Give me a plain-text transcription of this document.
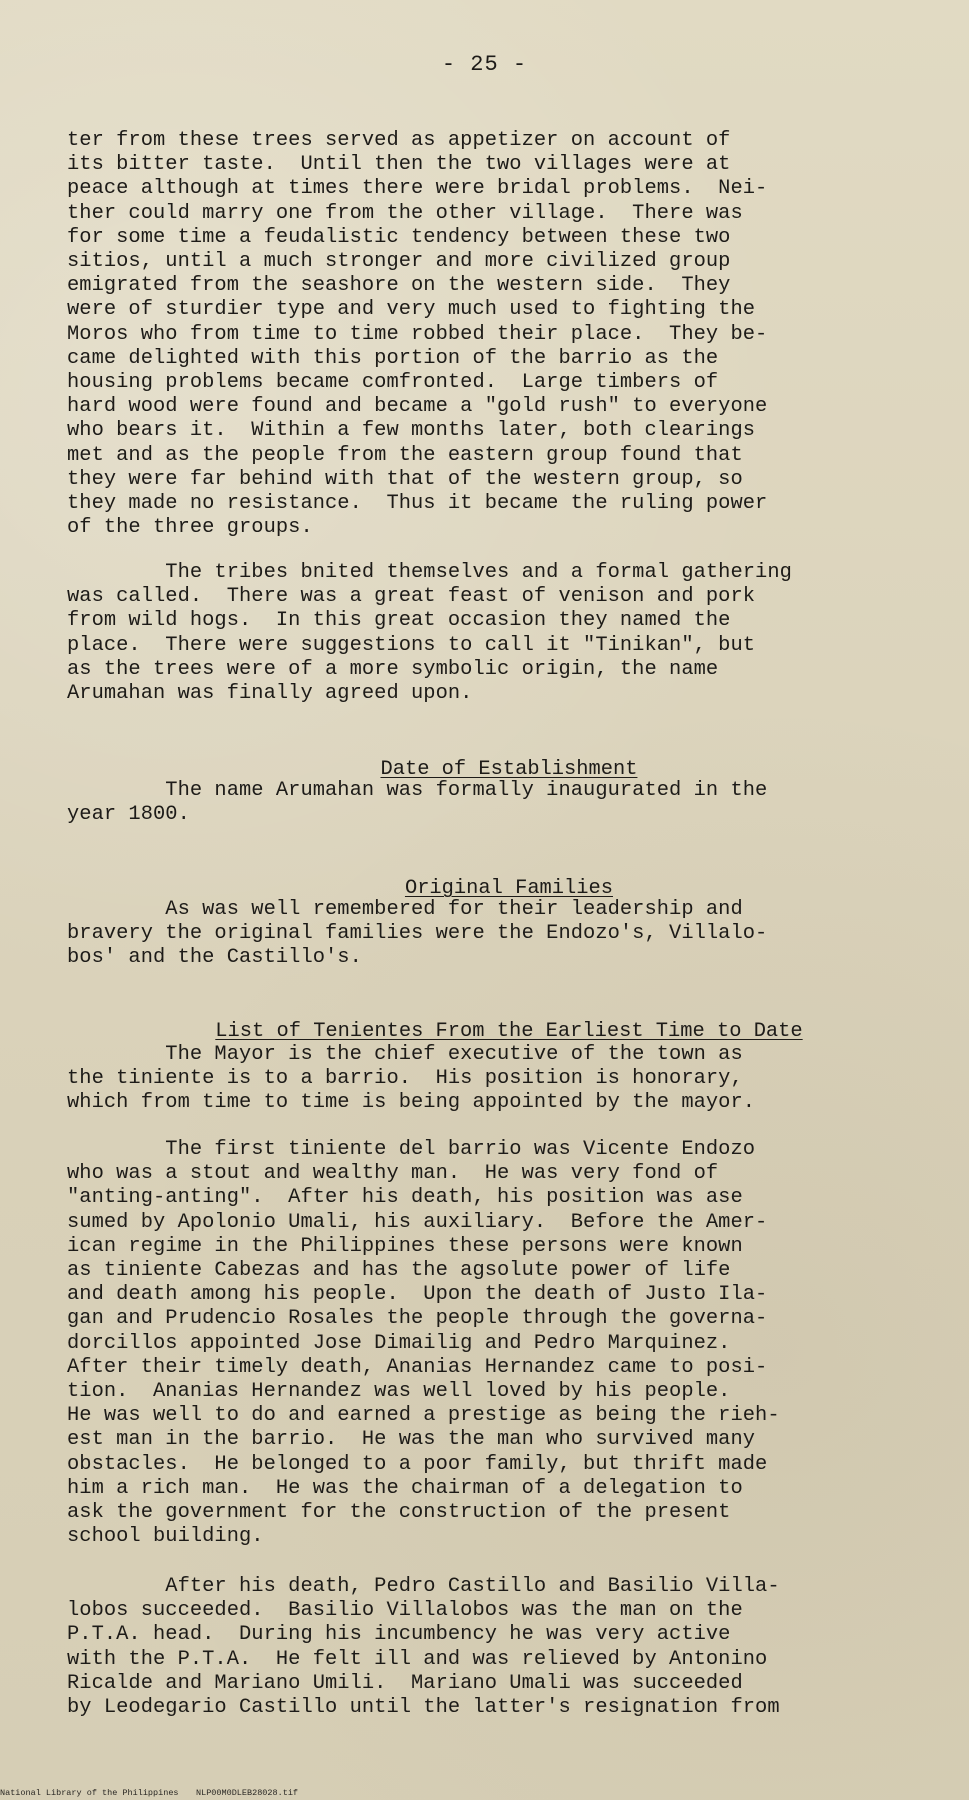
- 25 -
ter from these trees served as appetizer on account of
its bitter taste.  Until then the two villages were at
peace although at times there were bridal problems.  Nei-
ther could marry one from the other village.  There was
for some time a feudalistic tendency between these two
sitios, until a much stronger and more civilized group
emigrated from the seashore on the western side.  They
were of sturdier type and very much used to fighting the
Moros who from time to time robbed their place.  They be-
came delighted with this portion of the barrio as the
housing problems became comfronted.  Large timbers of
hard wood were found and became a "gold rush" to everyone
who bears it.  Within a few months later, both clearings
met and as the people from the eastern group found that
they were far behind with that of the western group, so
they made no resistance.  Thus it became the ruling power
of the three groups.
The tribes bnited themselves and a formal gathering
was called.  There was a great feast of venison and pork
from wild hogs.  In this great occasion they named the
place.  There were suggestions to call it "Tinikan", but
as the trees were of a more symbolic origin, the name
Arumahan was finally agreed upon.

Date of Establishment

The name Arumahan was formally inaugurated in the
year 1800.

Original Families

As was well remembered for their leadership and
bravery the original families were the Endozo's, Villalo-
bos' and the Castillo's.

List of Tenientes From the Earliest Time to Date

The Mayor is the chief executive of the town as
the tiniente is to a barrio.  His position is honorary,
which from time to time is being appointed by the mayor.
The first tiniente del barrio was Vicente Endozo
who was a stout and wealthy man.  He was very fond of
"anting-anting".  After his death, his position was ase
sumed by Apolonio Umali, his auxiliary.  Before the Amer-
ican regime in the Philippines these persons were known
as tiniente Cabezas and has the agsolute power of life
and death among his people.  Upon the death of Justo Ila-
gan and Prudencio Rosales the people through the governa-
dorcillos appointed Jose Dimailig and Pedro Marquinez.
After their timely death, Ananias Hernandez came to posi-
tion.  Ananias Hernandez was well loved by his people.
He was well to do and earned a prestige as being the rieh-
est man in the barrio.  He was the man who survived many
obstacles.  He belonged to a poor family, but thrift made
him a rich man.  He was the chairman of a delegation to
ask the government for the construction of the present
school building.
After his death, Pedro Castillo and Basilio Villa-
lobos succeeded.  Basilio Villalobos was the man on the
P.T.A. head.  During his incumbency he was very active
with the P.T.A.  He felt ill and was relieved by Antonino
Ricalde and Mariano Umili.  Mariano Umali was succeeded
by Leodegario Castillo until the latter's resignation from
National Library of the Philippines NLP00M0DLEB28028.tif
